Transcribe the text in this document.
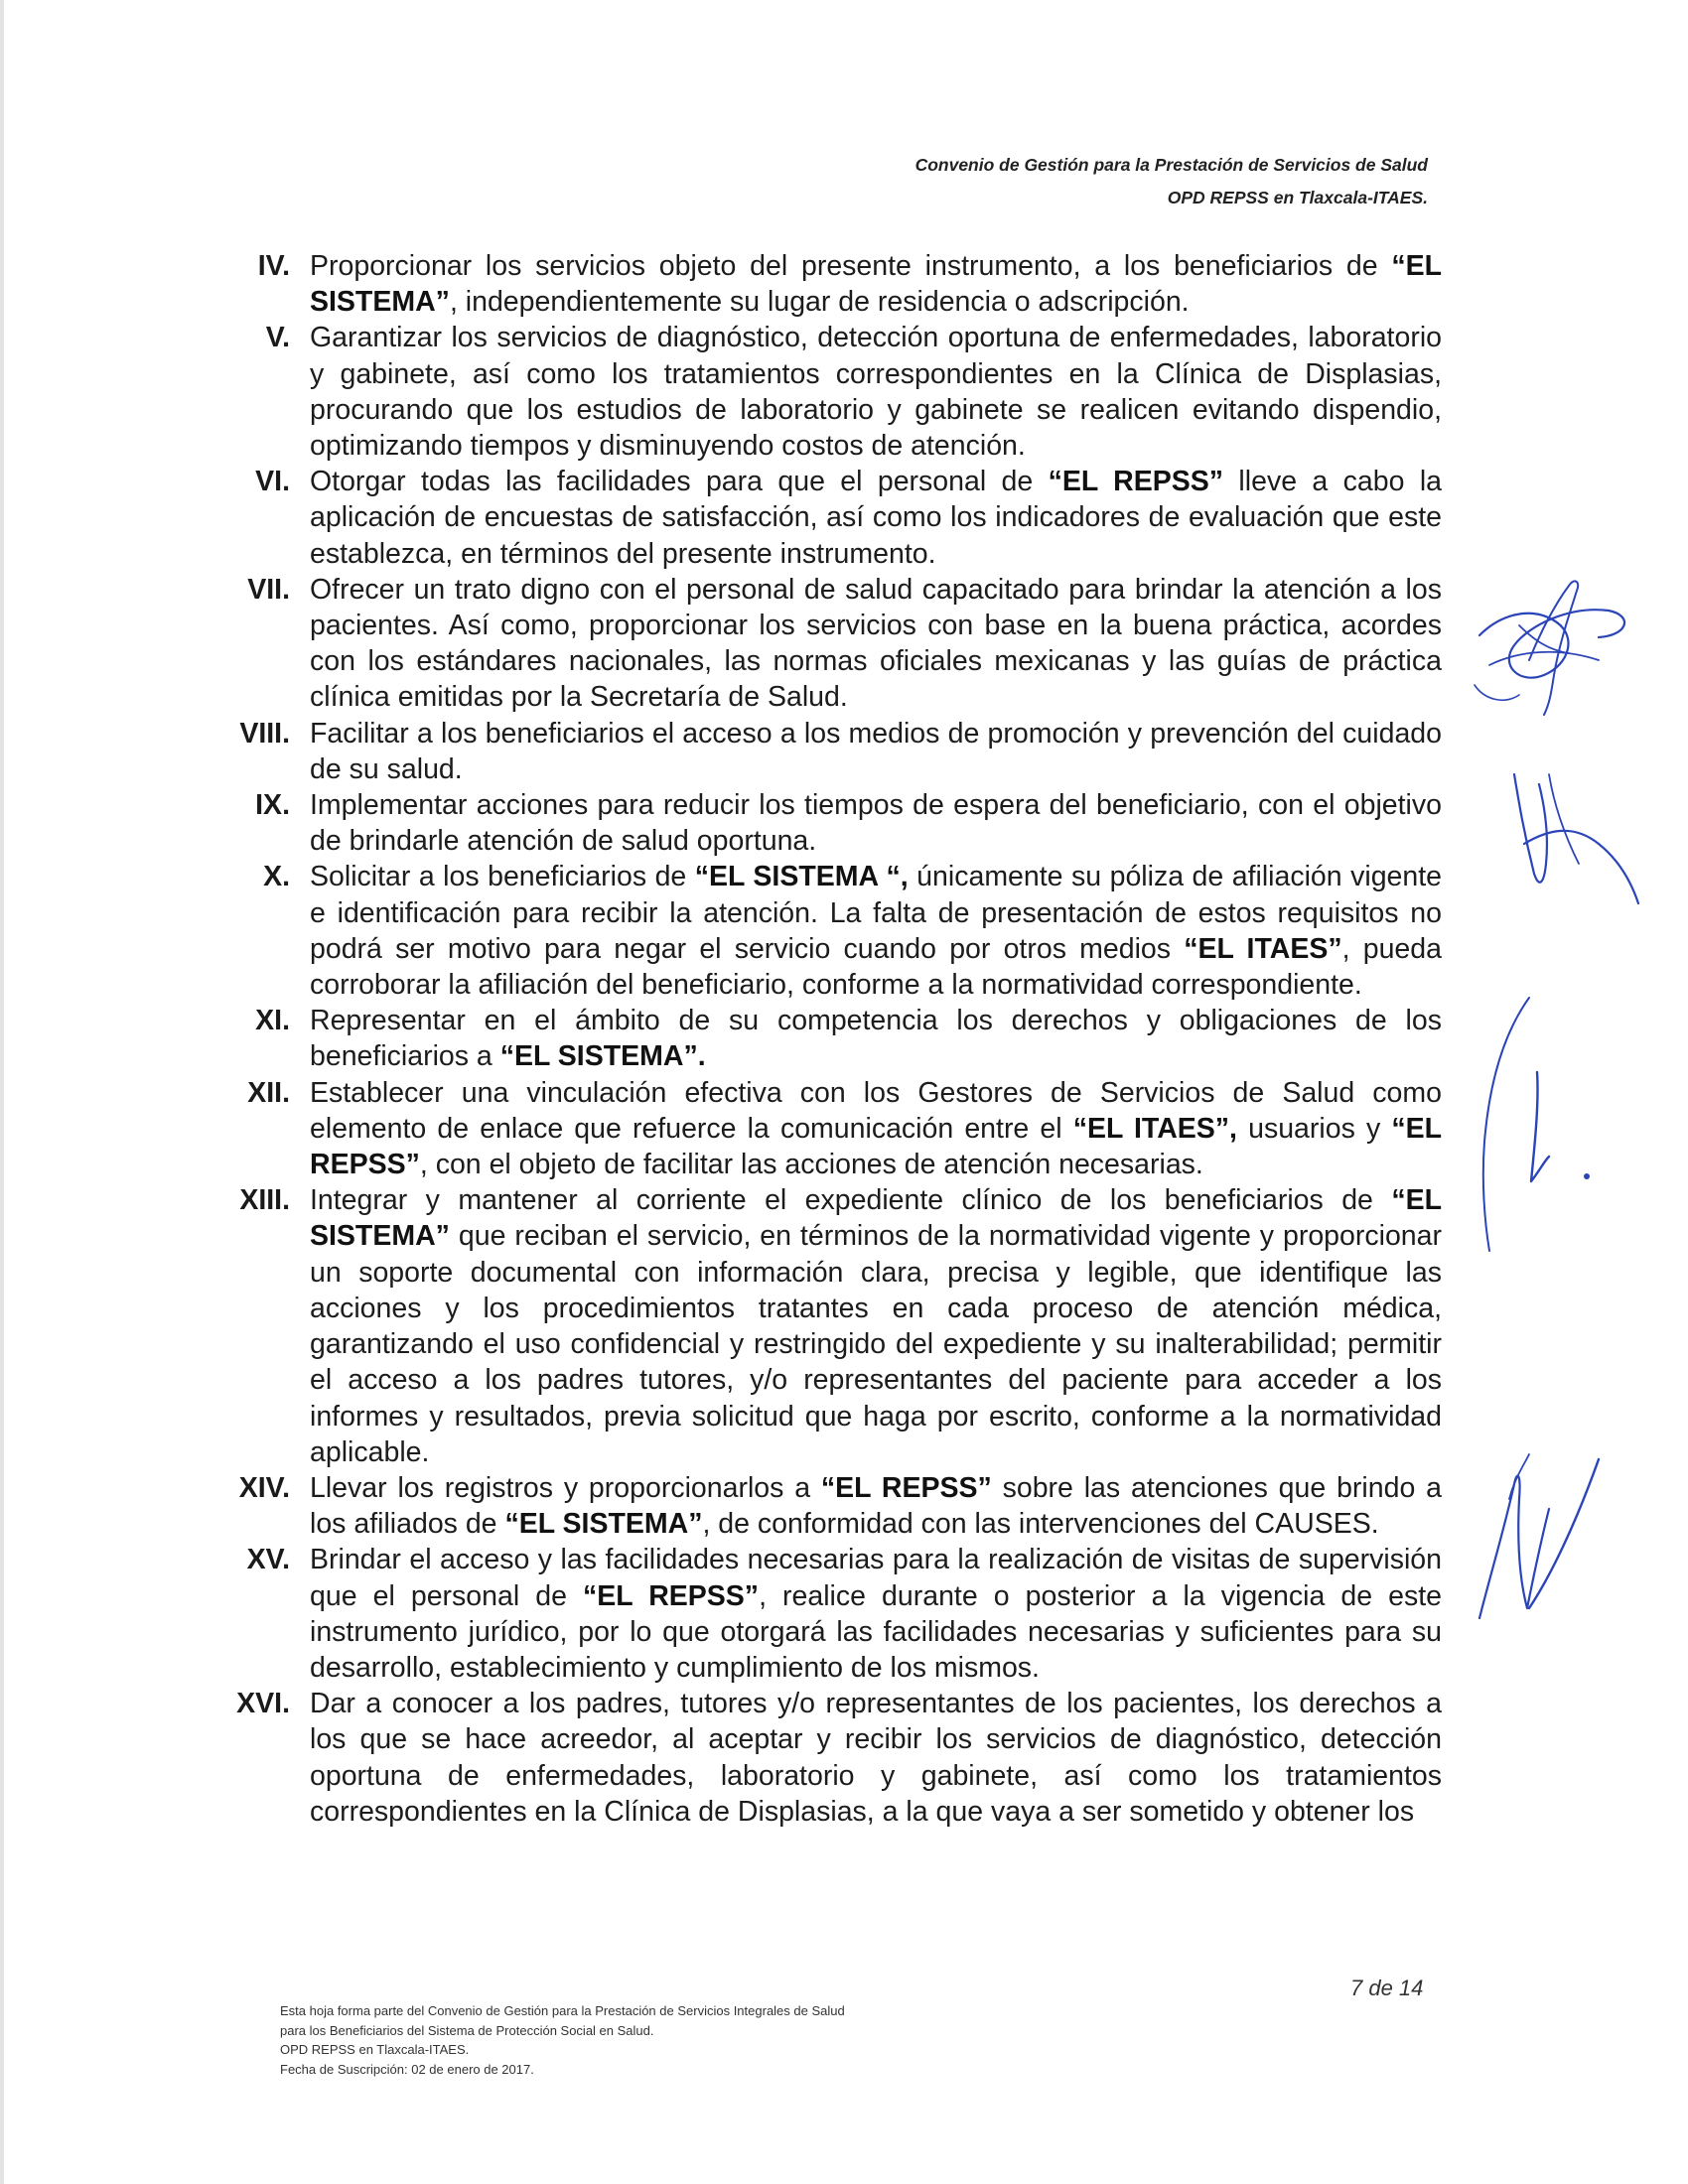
Convenio de Gestión para la Prestación de Servicios de Salud
OPD REPSS en Tlaxcala-ITAES.
IV. Proporcionar los servicios objeto del presente instrumento, a los beneficiarios de “EL SISTEMA”, independientemente su lugar de residencia o adscripción.
V. Garantizar los servicios de diagnóstico, detección oportuna de enfermedades, laboratorio y gabinete, así como los tratamientos correspondientes en la Clínica de Displasias, procurando que los estudios de laboratorio y gabinete se realicen evitando dispendio, optimizando tiempos y disminuyendo costos de atención.
VI. Otorgar todas las facilidades para que el personal de “EL REPSS” lleve a cabo la aplicación de encuestas de satisfacción, así como los indicadores de evaluación que este establezca, en términos del presente instrumento.
VII. Ofrecer un trato digno con el personal de salud capacitado para brindar la atención a los pacientes. Así como, proporcionar los servicios con base en la buena práctica, acordes con los estándares nacionales, las normas oficiales mexicanas y las guías de práctica clínica emitidas por la Secretaría de Salud.
VIII. Facilitar a los beneficiarios el acceso a los medios de promoción y prevención del cuidado de su salud.
IX. Implementar acciones para reducir los tiempos de espera del beneficiario, con el objetivo de brindarle atención de salud oportuna.
X. Solicitar a los beneficiarios de “EL SISTEMA “, únicamente su póliza de afiliación vigente e identificación para recibir la atención. La falta de presentación de estos requisitos no podrá ser motivo para negar el servicio cuando por otros medios “EL ITAES”, pueda corroborar la afiliación del beneficiario, conforme a la normatividad correspondiente.
XI. Representar en el ámbito de su competencia los derechos y obligaciones de los beneficiarios a “EL SISTEMA”.
XII. Establecer una vinculación efectiva con los Gestores de Servicios de Salud como elemento de enlace que refuerce la comunicación entre el “EL ITAES”, usuarios y “EL REPSS”, con el objeto de facilitar las acciones de atención necesarias.
XIII. Integrar y mantener al corriente el expediente clínico de los beneficiarios de “EL SISTEMA” que reciban el servicio, en términos de la normatividad vigente y proporcionar un soporte documental con información clara, precisa y legible, que identifique las acciones y los procedimientos tratantes en cada proceso de atención médica, garantizando el uso confidencial y restringido del expediente y su inalterabilidad; permitir el acceso a los padres tutores, y/o representantes del paciente para acceder a los informes y resultados, previa solicitud que haga por escrito, conforme a la normatividad aplicable.
XIV. Llevar los registros y proporcionarlos a “EL REPSS” sobre las atenciones que brindo a los afiliados de “EL SISTEMA”, de conformidad con las intervenciones del CAUSES.
XV. Brindar el acceso y las facilidades necesarias para la realización de visitas de supervisión que el personal de “EL REPSS”, realice durante o posterior a la vigencia de este instrumento jurídico, por lo que otorgará las facilidades necesarias y suficientes para su desarrollo, establecimiento y cumplimiento de los mismos.
XVI. Dar a conocer a los padres, tutores y/o representantes de los pacientes, los derechos a los que se hace acreedor, al aceptar y recibir los servicios de diagnóstico, detección oportuna de enfermedades, laboratorio y gabinete, así como los tratamientos correspondientes en la Clínica de Displasias, a la que vaya a ser sometido y obtener los
Esta hoja forma parte del Convenio de Gestión para la Prestación de Servicios Integrales de Salud
para los Beneficiarios del Sistema de Protección Social en Salud.
OPD REPSS en Tlaxcala-ITAES.
Fecha de Suscripción: 02 de enero de 2017.
7 de 14
